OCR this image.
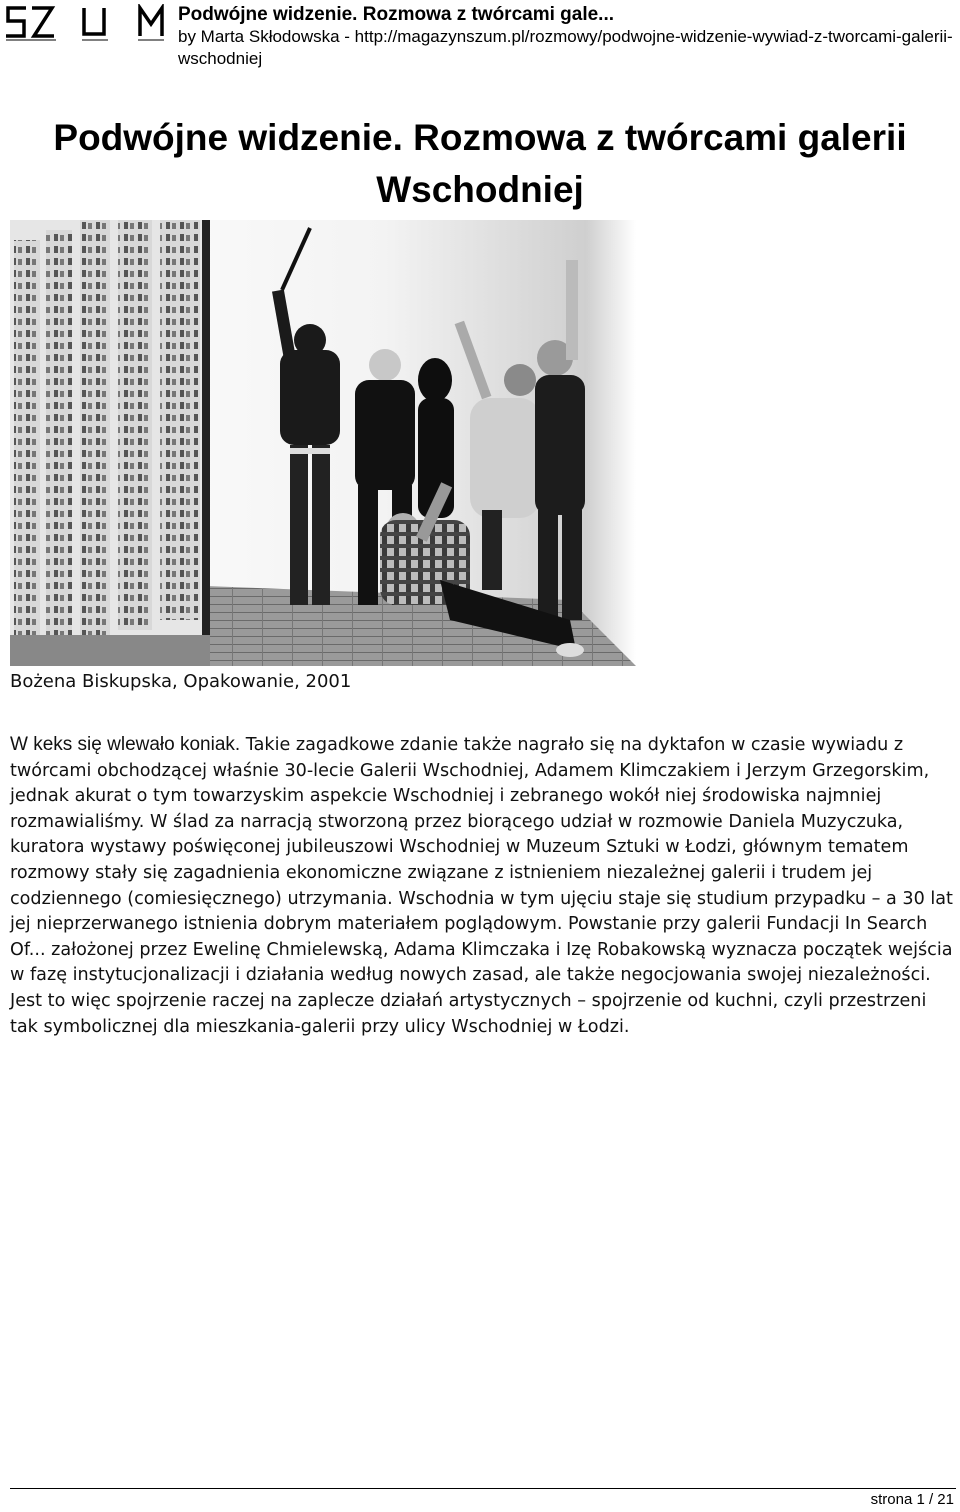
Podwójne widzenie. Rozmowa z twórcami gale...
by Marta Skłodowska - http://magazynszum.pl/rozmowy/podwojne-widzenie-wywiad-z-tworcami-galerii-wschodniej
Podwójne widzenie. Rozmowa z twórcami galerii Wschodniej
Bożena Biskupska, Opakowanie, 2001

W keks się wlewało koniak. Takie zagadkowe zdanie także nagrało się na dyktafon w czasie wywiadu z twórcami obchodzącej właśnie 30-lecie Galerii Wschodniej, Adamem Klimczakiem i Jerzym Grzegorskim, jednak akurat o tym towarzyskim aspekcie Wschodniej i zebranego wokół niej środowiska najmniej rozmawialiśmy. W ślad za narracją stworzoną przez biorącego udział w rozmowie Daniela Muzyczuka, kuratora wystawy poświęconej jubileuszowi Wschodniej w Muzeum Sztuki w Łodzi, głównym tematem rozmowy stały się zagadnienia ekonomiczne związane z istnieniem niezależnej galerii i trudem jej codziennego (comiesięcznego) utrzymania. Wschodnia w tym ujęciu staje się studium przypadku – a 30 lat jej nieprzerwanego istnienia dobrym materiałem poglądowym. Powstanie przy galerii Fundacji In Search Of... założonej przez Ewelinę Chmielewską, Adama Klimczaka i Izę Robakowską wyznacza początek wejścia w fazę instytucjonalizacji i działania według nowych zasad, ale także negocjowania swojej niezależności. Jest to więc spojrzenie raczej na zaplecze działań artystycznych – spojrzenie od kuchni, czyli przestrzeni tak symbolicznej dla mieszkania-galerii przy ulicy Wschodniej w Łodzi.

strona 1 / 21
